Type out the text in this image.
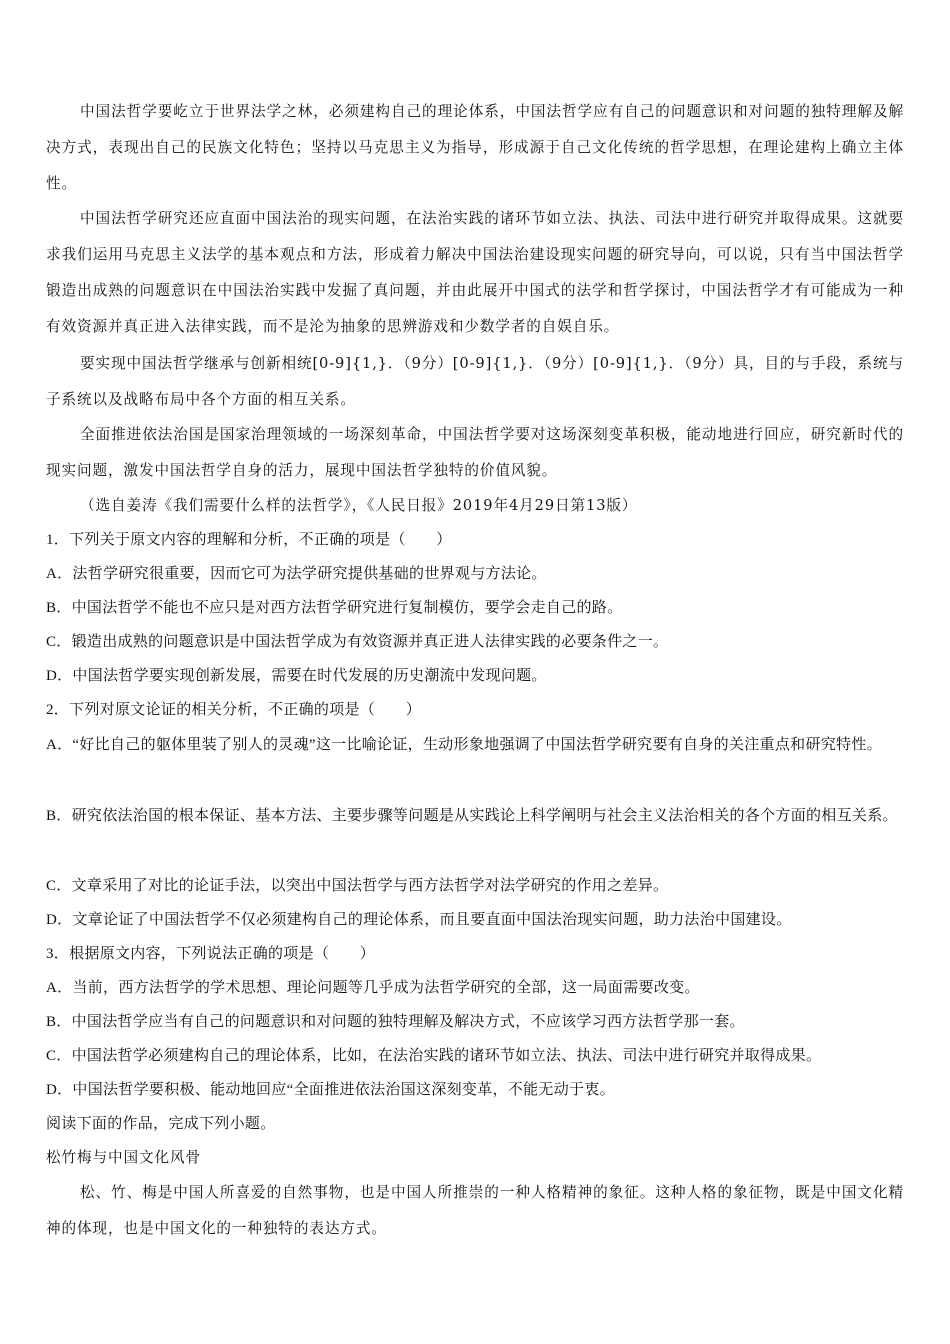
中国法哲学要屹立于世界法学之林，必须建构自己的理论体系，中国法哲学应有自己的问题意识和对问题的独特理解及解决方式，表现出自己的民族文化特色；坚持以马克思主义为指导，形成源于自己文化传统的哲学思想，在理论建构上确立主体性。

中国法哲学研究还应直面中国法治的现实问题，在法治实践的诸环节如立法、执法、司法中进行研究并取得成果。这就要求我们运用马克思主义法学的基本观点和方法，形成着力解决中国法治建设现实问题的研究导向，可以说，只有当中国法哲学锻造出成熟的问题意识在中国法治实践中发掘了真问题，并由此展开中国式的法学和哲学探讨，中国法哲学才有可能成为一种有效资源并真正进入法律实践，而不是沦为抽象的思辨游戏和少数学者的自娱自乐。

要实现中国法哲学继承与创新相统[0-9]{1,}．（9分）[0-9]{1,}．（9分）[0-9]{1,}．（9分）具，目的与手段，系统与子系统以及战略布局中各个方面的相互关系。

全面推进依法治国是国家治理领域的一场深刻革命，中国法哲学要对这场深刻变革积极，能动地进行回应，研究新时代的现实问题，激发中国法哲学自身的活力，展现中国法哲学独特的价值风貌。

（选自姜涛《我们需要什么样的法哲学》，《人民日报》2019年4月29日第13版）

1．下列关于原文内容的理解和分析，不正确的项是（　　）

A．法哲学研究很重要，因而它可为法学研究提供基础的世界观与方法论。

B．中国法哲学不能也不应只是对西方法哲学研究进行复制模仿，要学会走自己的路。

C．锻造出成熟的问题意识是中国法哲学成为有效资源并真正进人法律实践的必要条件之一。

D．中国法哲学要实现创新发展，需要在时代发展的历史潮流中发现问题。

2．下列对原文论证的相关分析，不正确的项是（　　）

A．“好比自己的躯体里装了别人的灵魂”这一比喻论证，生动形象地强调了中国法哲学研究要有自身的关注重点和研究特性。

B．研究依法治国的根本保证、基本方法、主要步骤等问题是从实践论上科学阐明与社会主义法治相关的各个方面的相互关系。

C．文章采用了对比的论证手法，以突出中国法哲学与西方法哲学对法学研究的作用之差异。

D．文章论证了中国法哲学不仅必须建构自己的理论体系，而且要直面中国法治现实问题，助力法治中国建设。

3．根据原文内容，下列说法正确的项是（　　）

A．当前，西方法哲学的学术思想、理论问题等几乎成为法哲学研究的全部，这一局面需要改变。

B．中国法哲学应当有自己的问题意识和对问题的独特理解及解决方式，不应该学习西方法哲学那一套。

C．中国法哲学必须建构自己的理论体系，比如，在法治实践的诸环节如立法、执法、司法中进行研究并取得成果。

D．中国法哲学要积极、能动地回应“全面推进依法治国这深刻变革，不能无动于衷。

阅读下面的作品，完成下列小题。

松竹梅与中国文化风骨

松、竹、梅是中国人所喜爱的自然事物，也是中国人所推崇的一种人格精神的象征。这种人格的象征物，既是中国文化精神的体现，也是中国文化的一种独特的表达方式。
